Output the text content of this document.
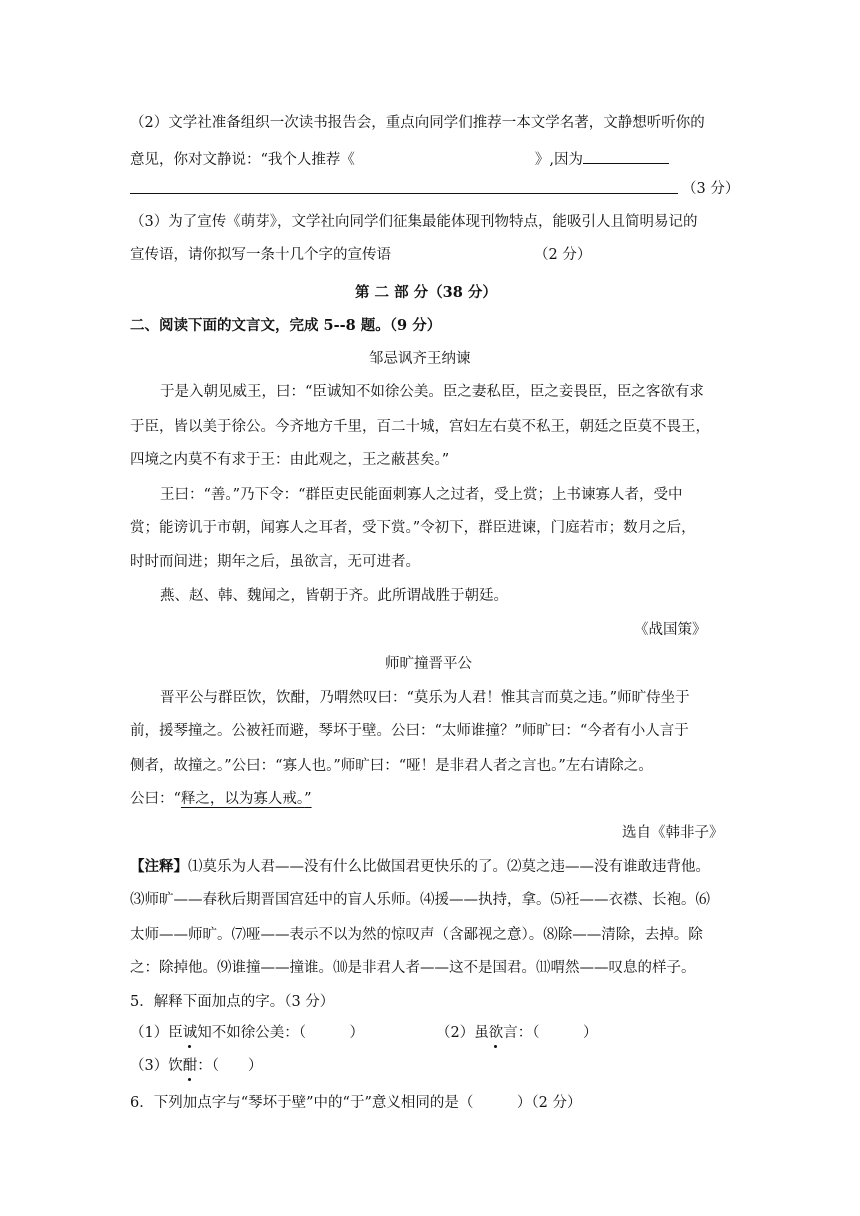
（2）文学社准备组织一次读书报告会，重点向同学们推荐一本文学名著，文静想听听你的
意见，你对文静说：“我个人推荐《	》,因为
（3 分）
（3）为了宣传《萌芽》，文学社向同学们征集最能体现刊物特点，能吸引人且简明易记的
宣传语，请你拟写一条十几个字的宣传语	（2 分）
第 二 部 分（38 分）
二、阅读下面的文言文，完成 5--8 题。（9 分）
邹忌讽齐王纳谏
于是入朝见威王，曰：“臣诚知不如徐公美。臣之妻私臣，臣之妾畏臣，臣之客欲有求
于臣，皆以美于徐公。今齐地方千里，百二十城，宫妇左右莫不私王，朝廷之臣莫不畏王，
四境之内莫不有求于王：由此观之，王之蔽甚矣。”
王曰：“善。”乃下令：“群臣吏民能面刺寡人之过者，受上赏；上书谏寡人者，受中
赏；能谤讥于市朝，闻寡人之耳者，受下赏。”令初下，群臣进谏，门庭若市；数月之后，
时时而间进；期年之后，虽欲言，无可进者。
燕、赵、韩、魏闻之，皆朝于齐。此所谓战胜于朝廷。
《战国策》
师旷撞晋平公
晋平公与群臣饮，饮酣，乃喟然叹曰：“莫乐为人君！惟其言而莫之违。”师旷侍坐于
前，援琴撞之。公被衽而避，琴坏于壁。公曰：“太师谁撞？”师旷曰：“今者有小人言于
侧者，故撞之。”公曰：“寡人也。”师旷曰：“哑！是非君人者之言也。”左右请除之。
公曰：“释之，以为寡人戒。”
选自《韩非子》
【注释】⑴莫乐为人君——没有什么比做国君更快乐的了。⑵莫之违——没有谁敢违背他。
⑶师旷——春秋后期晋国宫廷中的盲人乐师。⑷援——执持，拿。⑸衽——衣襟、长袍。⑹
太师——师旷。⑺哑——表示不以为然的惊叹声（含鄙视之意）。⑻除——清除，去掉。除
之：除掉他。⑼谁撞——撞谁。⑽是非君人者——这不是国君。⑾喟然——叹息的样子。
5．解释下面加点的字。（3 分）
（1）臣诚知不如徐公美：（　　　）	（2）虽欲言：（　　　）
（3）饮酣：（　　）
6．下列加点字与“琴坏于壁”中的“于”意义相同的是（　　　）（2 分）
